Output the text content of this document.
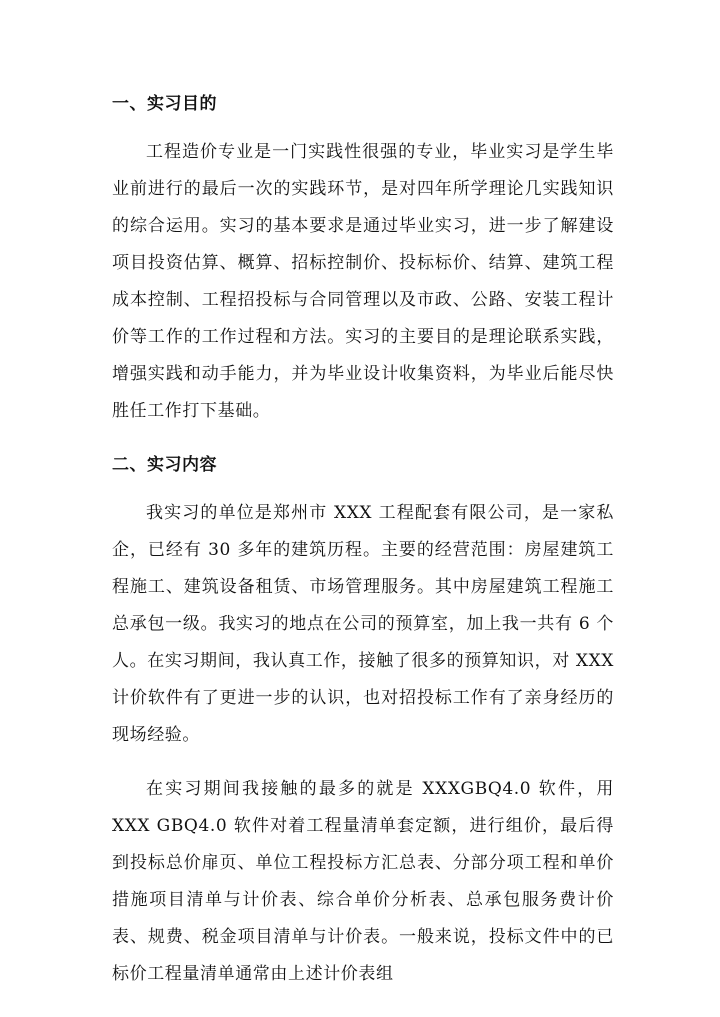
一、实习目的

工程造价专业是一门实践性很强的专业，毕业实习是学生毕业前进行的最后一次的实践环节，是对四年所学理论几实践知识的综合运用。实习的基本要求是通过毕业实习，进一步了解建设项目投资估算、概算、招标控制价、投标标价、结算、建筑工程成本控制、工程招投标与合同管理以及市政、公路、安装工程计价等工作的工作过程和方法。实习的主要目的是理论联系实践，增强实践和动手能力，并为毕业设计收集资料，为毕业后能尽快胜任工作打下基础。

二、实习内容

我实习的单位是郑州市 XXX 工程配套有限公司，是一家私企，已经有 30 多年的建筑历程。主要的经营范围：房屋建筑工程施工、建筑设备租赁、市场管理服务。其中房屋建筑工程施工总承包一级。我实习的地点在公司的预算室，加上我一共有 6 个人。在实习期间，我认真工作，接触了很多的预算知识，对 XXX 计价软件有了更进一步的认识，也对招投标工作有了亲身经历的现场经验。

在实习期间我接触的最多的就是 XXXGBQ4.0 软件，用 XXX GBQ4.0 软件对着工程量清单套定额，进行组价，最后得到投标总价扉页、单位工程投标方汇总表、分部分项工程和单价措施项目清单与计价表、综合单价分析表、总承包服务费计价表、规费、税金项目清单与计价表。一般来说，投标文件中的已标价工程量清单通常由上述计价表组
